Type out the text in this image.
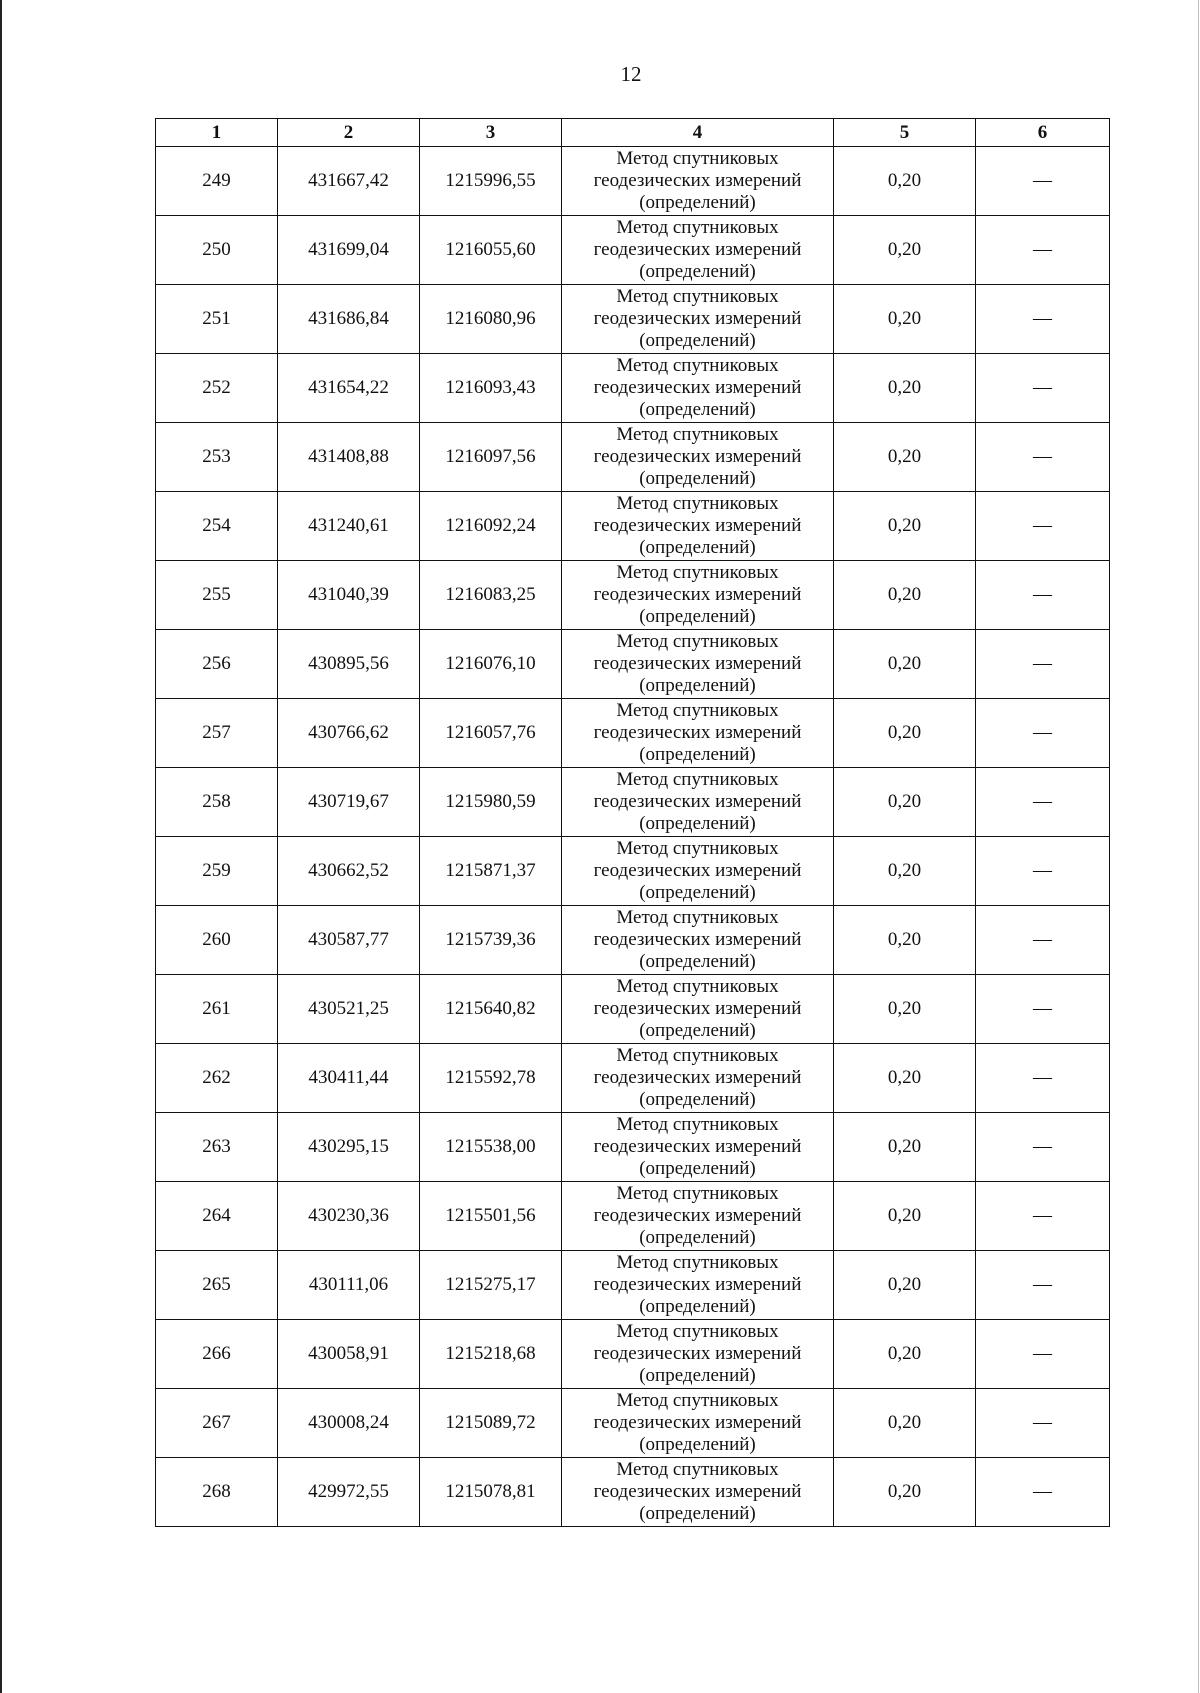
12
1	2	3	4	5	6
249	431667,42	1215996,55	Метод спутниковых
геодезических измерений
(определений)	0,20	—
250	431699,04	1216055,60	Метод спутниковых
геодезических измерений
(определений)	0,20	—
251	431686,84	1216080,96	Метод спутниковых
геодезических измерений
(определений)	0,20	—
252	431654,22	1216093,43	Метод спутниковых
геодезических измерений
(определений)	0,20	—
253	431408,88	1216097,56	Метод спутниковых
геодезических измерений
(определений)	0,20	—
254	431240,61	1216092,24	Метод спутниковых
геодезических измерений
(определений)	0,20	—
255	431040,39	1216083,25	Метод спутниковых
геодезических измерений
(определений)	0,20	—
256	430895,56	1216076,10	Метод спутниковых
геодезических измерений
(определений)	0,20	—
257	430766,62	1216057,76	Метод спутниковых
геодезических измерений
(определений)	0,20	—
258	430719,67	1215980,59	Метод спутниковых
геодезических измерений
(определений)	0,20	—
259	430662,52	1215871,37	Метод спутниковых
геодезических измерений
(определений)	0,20	—
260	430587,77	1215739,36	Метод спутниковых
геодезических измерений
(определений)	0,20	—
261	430521,25	1215640,82	Метод спутниковых
геодезических измерений
(определений)	0,20	—
262	430411,44	1215592,78	Метод спутниковых
геодезических измерений
(определений)	0,20	—
263	430295,15	1215538,00	Метод спутниковых
геодезических измерений
(определений)	0,20	—
264	430230,36	1215501,56	Метод спутниковых
геодезических измерений
(определений)	0,20	—
265	430111,06	1215275,17	Метод спутниковых
геодезических измерений
(определений)	0,20	—
266	430058,91	1215218,68	Метод спутниковых
геодезических измерений
(определений)	0,20	—
267	430008,24	1215089,72	Метод спутниковых
геодезических измерений
(определений)	0,20	—
268	429972,55	1215078,81	Метод спутниковых
геодезических измерений
(определений)	0,20	—
